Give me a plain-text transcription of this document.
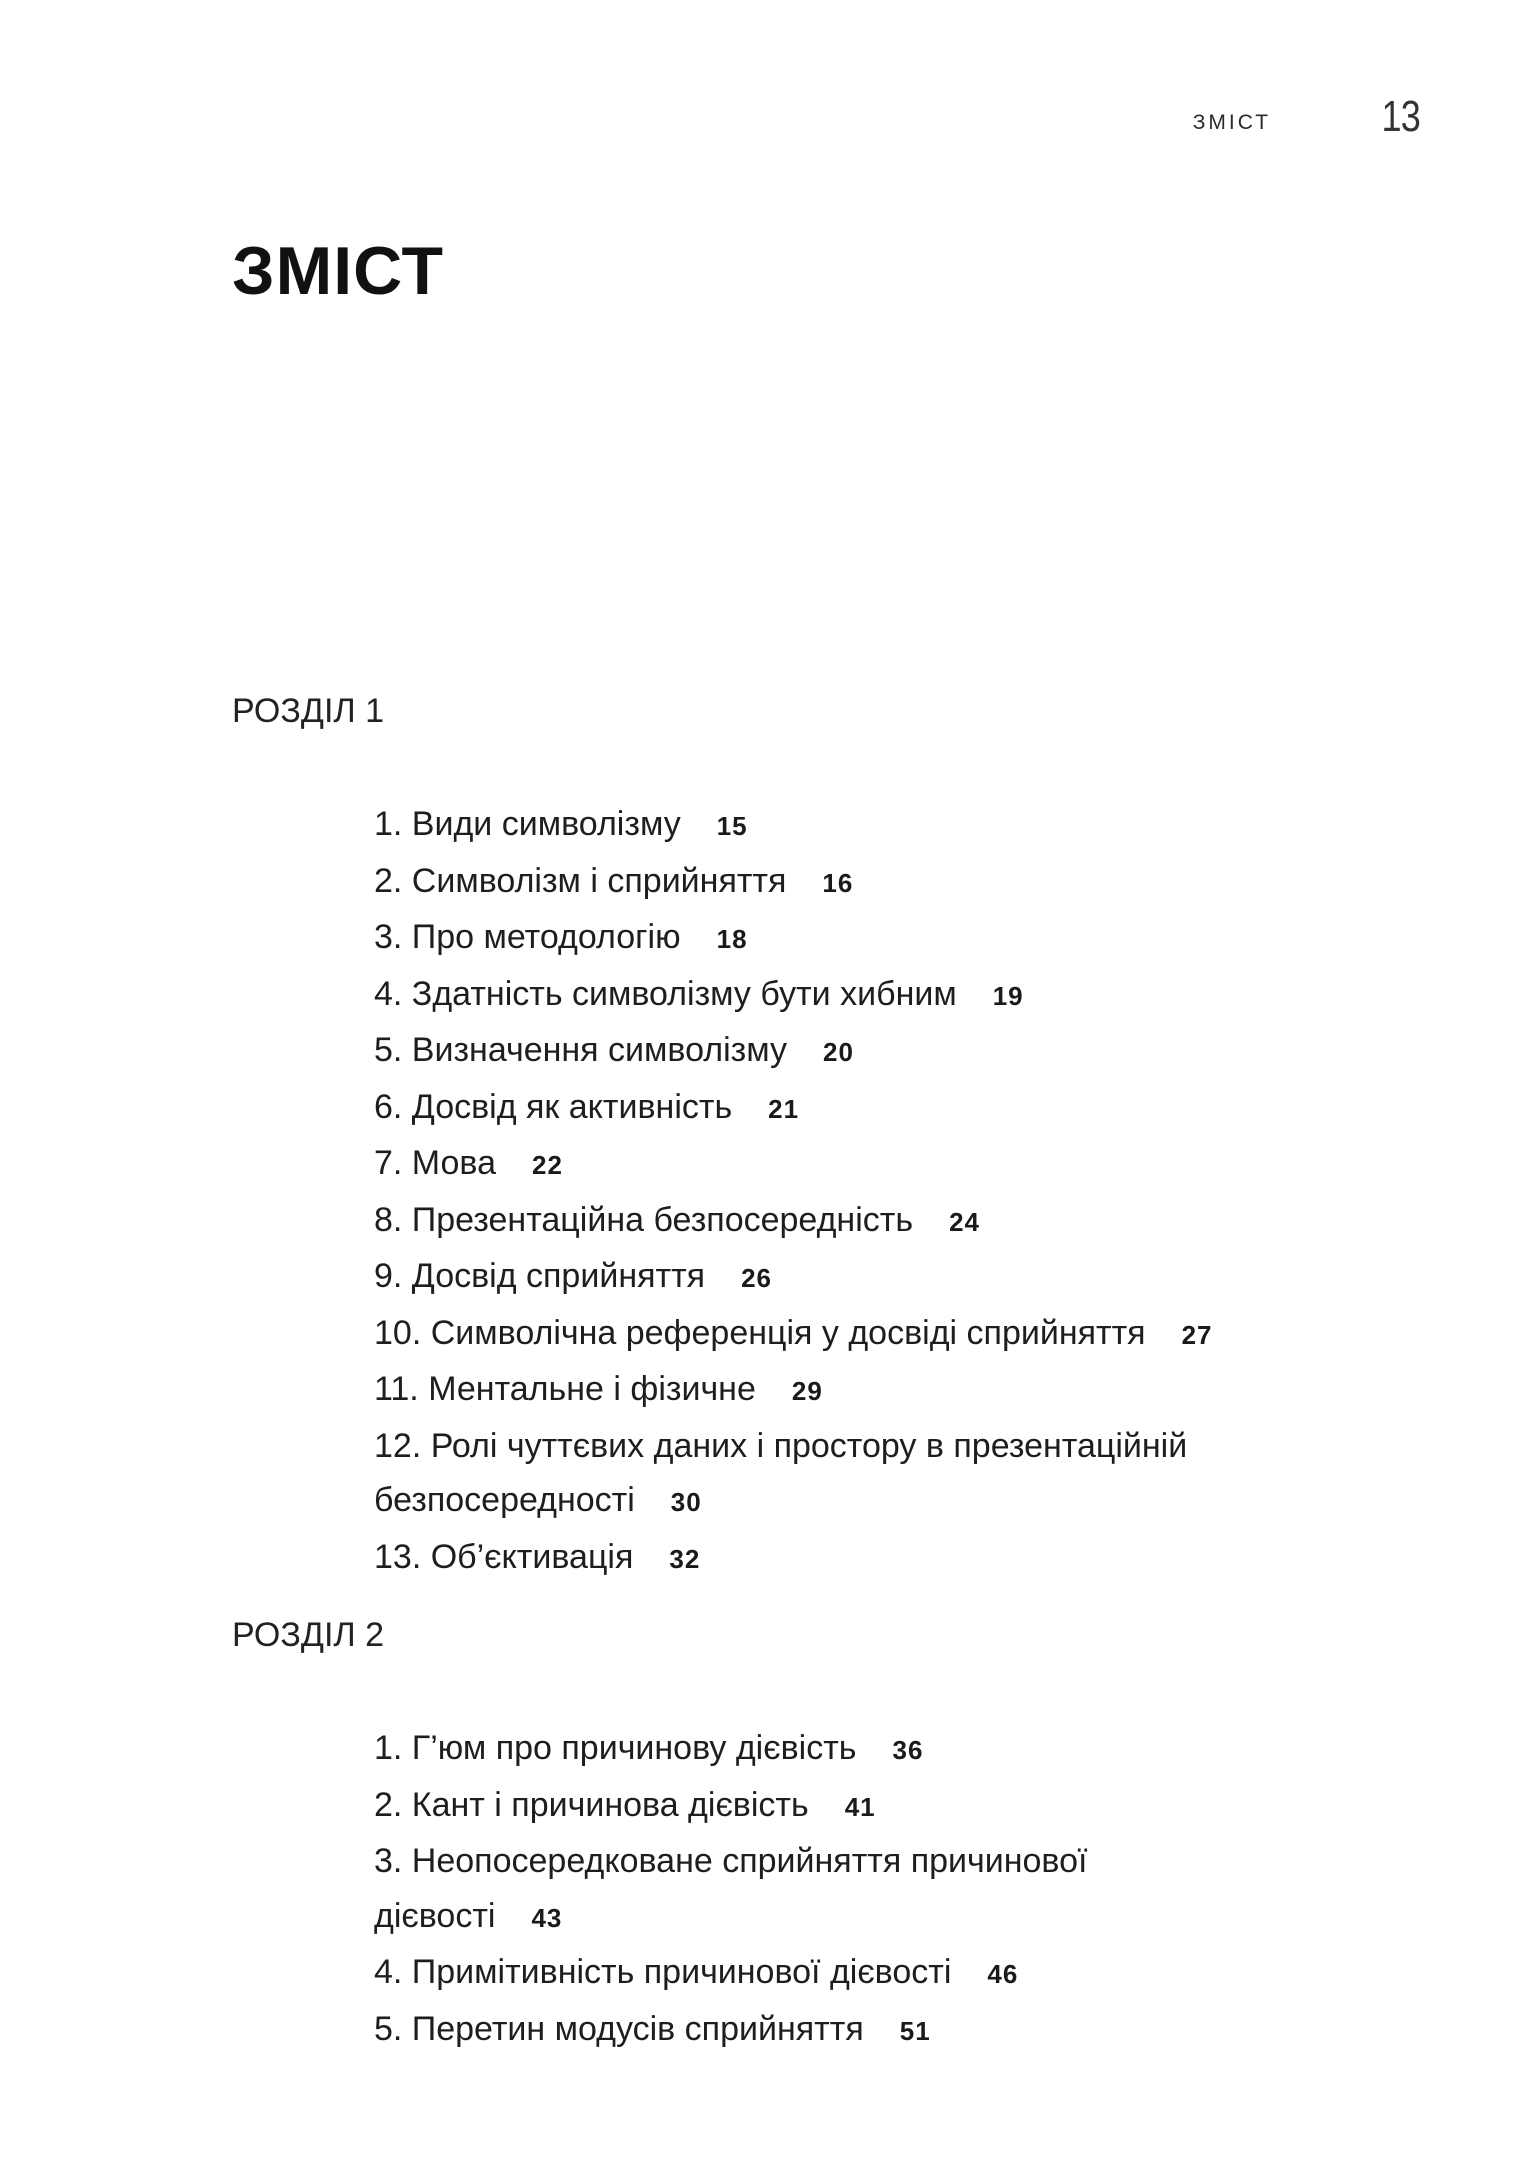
ЗМІСТ	13
ЗМІСТ
РОЗДІЛ 1
1. Види символізму 15
2. Символізм і сприйняття 16
3. Про методологію 18
4. Здатність символізму бути хибним 19
5. Визначення символізму 20
6. Досвід як активність 21
7. Мова 22
8. Презентаційна безпосередність 24
9. Досвід сприйняття 26
10. Символічна референція у досвіді сприйняття 27
11. Ментальне і фізичне 29
12. Ролі чуттєвих даних і простору в презентаційній безпосередності 30
13. Об’єктивація 32
РОЗДІЛ 2
1. Г’юм про причинову дієвість 36
2. Кант і причинова дієвість 41
3. Неопосередковане сприйняття причинової дієвості 43
4. Примітивність причинової дієвості 46
5. Перетин модусів сприйняття 51
